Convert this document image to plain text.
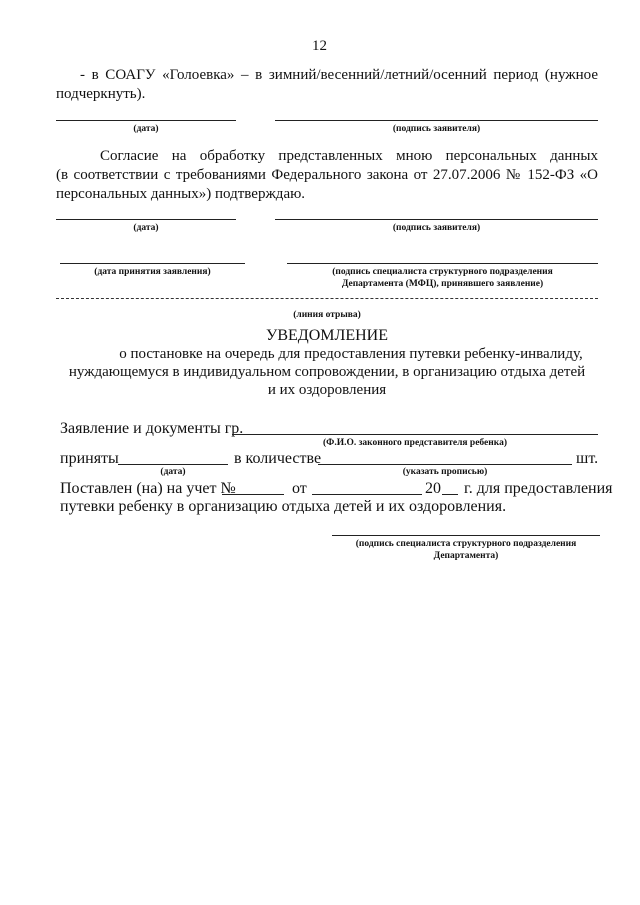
12
- в СОАГУ «Голоевка» – в зимний/весенний/летний/осенний период (нужное
подчеркнуть).
(дата)	(подпись заявителя)
Согласие на обработку представленных мною персональных данных
(в соответствии с требованиями Федерального закона от 27.07.2006 № 152-ФЗ «О
персональных данных») подтверждаю.
(дата)	(подпись заявителя)
(дата принятия заявления)	(подпись специалиста структурного подразделения
Департамента (МФЦ), принявшего заявление)
(линия отрыва)
УВЕДОМЛЕНИЕ
о постановке на очередь для предоставления путевки ребенку-инвалиду,
нуждающемуся в индивидуальном сопровождении, в организацию отдыха детей
и их оздоровления
Заявление и документы гр.
(Ф.И.О. законного представителя ребенка)
приняты	в количестве	шт.
(дата)	(указать прописью)
Поставлен (на) на учет №	от	20 г. для предоставления
путевки ребенку в организацию отдыха детей и их оздоровления.
(подпись специалиста структурного подразделения
Департамента)
